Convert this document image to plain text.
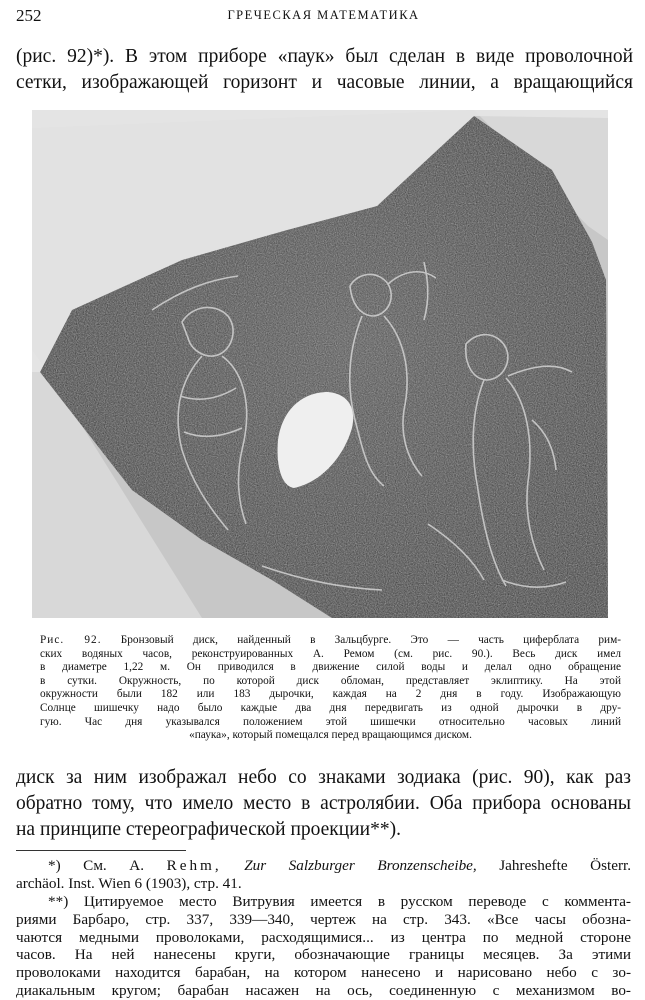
252	ГРЕЧЕСКАЯ МАТЕМАТИКА
(рис. 92)*). В этом приборе «паук» был сделан в виде проволочной
сетки, изображающей горизонт и часовые линии, а вращающийся
Рис. 92. Бронзовый диск, найденный в Зальцбурге. Это — часть циферблата рим-
ских водяных часов, реконструированных А. Ремом (см. рис. 90.). Весь диск имел
в диаметре 1,22 м. Он приводился в движение силой воды и делал одно обращение
в сутки. Окружность, по которой диск обломан, представляет эклиптику. На этой
окружности были 182 или 183 дырочки, каждая на 2 дня в году. Изображающую
Солнце шишечку надо было каждые два дня передвигать из одной дырочки в дру-
гую. Час дня указывался положением этой шишечки относительно часовых линий
«паука», который помещался перед вращающимся диском.
диск за ним изображал небо со знаками зодиака (рис. 90), как раз
обратно тому, что имело место в астролябии. Оба прибора основаны
на принципе стереографической проекции**).
*) См. А. Rehm, Zur Salzburger Bronzenscheibe, Jahreshefte Österr.
archäol. Inst. Wien 6 (1903), стр. 41.
**) Цитируемое место Витрувия имеется в русском переводе с коммента-
риями Барбаро, стр. 337, 339—340, чертеж на стр. 343. «Все часы обозна-
чаются медными проволоками, расходящимися... из центра по медной стороне
часов. На ней нанесены круги, обозначающие границы месяцев. За этими
проволоками находится барабан, на котором нанесено и нарисовано небо с зо-
диакальным кругом; барабан насажен на ось, соединенную с механизмом во-
